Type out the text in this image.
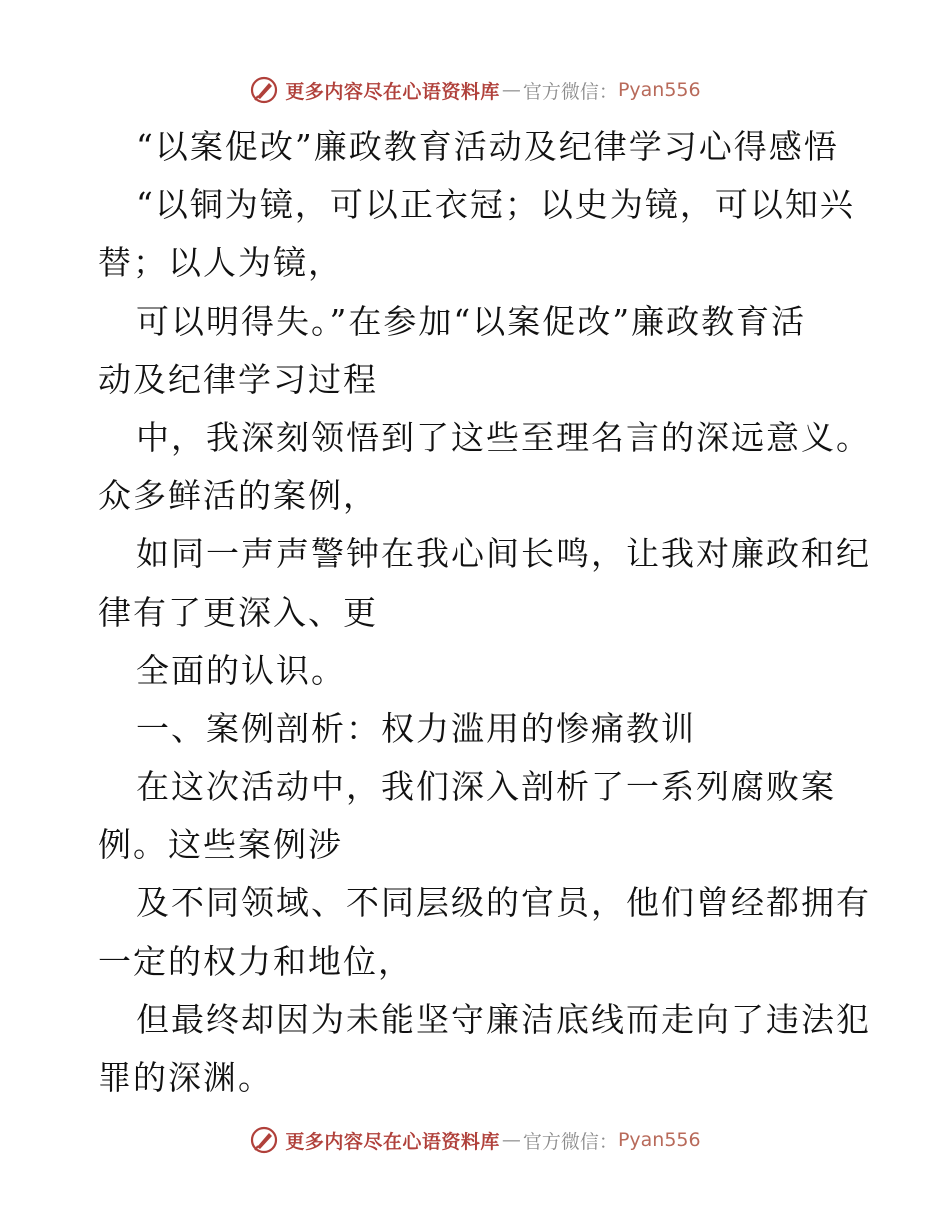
更多内容尽在心语资料库 — 官方微信： Pyan556
“以案促改”廉政教育活动及纪律学习心得感悟
“以铜为镜，可以正衣冠；以史为镜，可以知兴
替；以人为镜，
可以明得失。”在参加“以案促改”廉政教育活
动及纪律学习过程
中，我深刻领悟到了这些至理名言的深远意义。
众多鲜活的案例，
如同一声声警钟在我心间长鸣，让我对廉政和纪
律有了更深入、更
全面的认识。
一、案例剖析：权力滥用的惨痛教训
在这次活动中，我们深入剖析了一系列腐败案
例。这些案例涉
及不同领域、不同层级的官员，他们曾经都拥有
一定的权力和地位，
但最终却因为未能坚守廉洁底线而走向了违法犯
罪的深渊。
更多内容尽在心语资料库 — 官方微信： Pyan556
